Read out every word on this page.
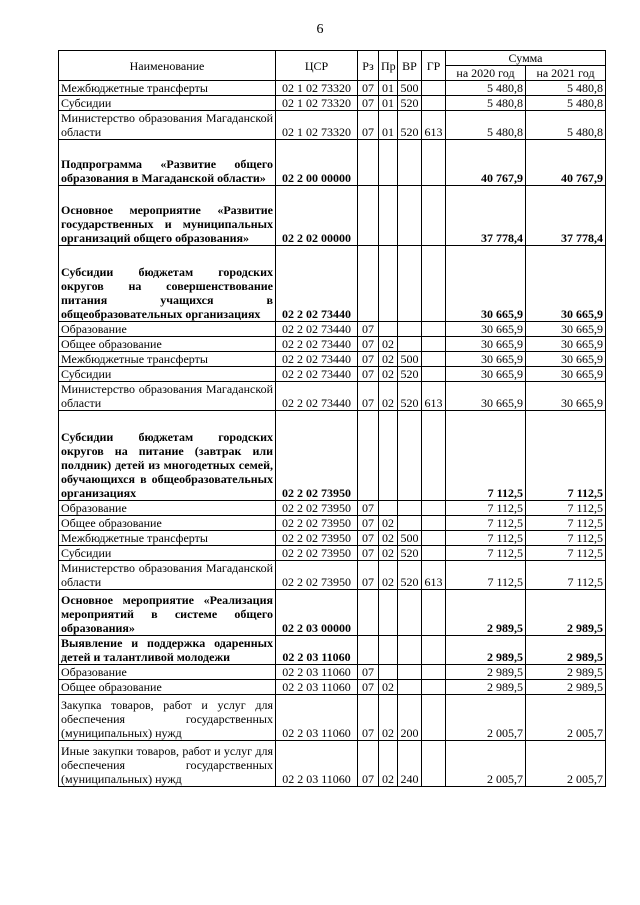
6
Наименование	ЦСР	Рз	Пр	ВР	ГР	Сумма	
						на 2020 год	на 2021 год
Межбюджетные трансферты	02 1 02 73320	07	01	500		5 480,8	5 480,8
Субсидии	02 1 02 73320	07	01	520		5 480,8	5 480,8
Министерство образования Магаданской области	02 1 02 73320	07	01	520	613	5 480,8	5 480,8
Подпрограмма «Развитие общего образования в Магаданской области»	02 2 00 00000					40 767,9	40 767,9
Основное мероприятие «Развитие государственных и муниципальных организаций общего образования»	02 2 02 00000					37 778,4	37 778,4
Субсидии бюджетам городских округов на совершенствование питания учащихся в общеобразовательных организациях	02 2 02 73440					30 665,9	30 665,9
Образование	02 2 02 73440	07				30 665,9	30 665,9
Общее образование	02 2 02 73440	07	02			30 665,9	30 665,9
Межбюджетные трансферты	02 2 02 73440	07	02	500		30 665,9	30 665,9
Субсидии	02 2 02 73440	07	02	520		30 665,9	30 665,9
Министерство образования Магаданской области	02 2 02 73440	07	02	520	613	30 665,9	30 665,9
Субсидии бюджетам городских округов на питание (завтрак или полдник) детей из многодетных семей, обучающихся в общеобразовательных организациях	02 2 02 73950					7 112,5	7 112,5
Образование	02 2 02 73950	07				7 112,5	7 112,5
Общее образование	02 2 02 73950	07	02			7 112,5	7 112,5
Межбюджетные трансферты	02 2 02 73950	07	02	500		7 112,5	7 112,5
Субсидии	02 2 02 73950	07	02	520		7 112,5	7 112,5
Министерство образования Магаданской области	02 2 02 73950	07	02	520	613	7 112,5	7 112,5
Основное мероприятие «Реализация мероприятий в системе общего образования»	02 2 03 00000					2 989,5	2 989,5
Выявление и поддержка одаренных детей и талантливой молодежи	02 2 03 11060					2 989,5	2 989,5
Образование	02 2 03 11060	07				2 989,5	2 989,5
Общее образование	02 2 03 11060	07	02			2 989,5	2 989,5
Закупка товаров, работ и услуг для обеспечения государственных (муниципальных) нужд	02 2 03 11060	07	02	200		2 005,7	2 005,7
Иные закупки товаров, работ и услуг для обеспечения государственных (муниципальных) нужд	02 2 03 11060	07	02	240		2 005,7	2 005,7
